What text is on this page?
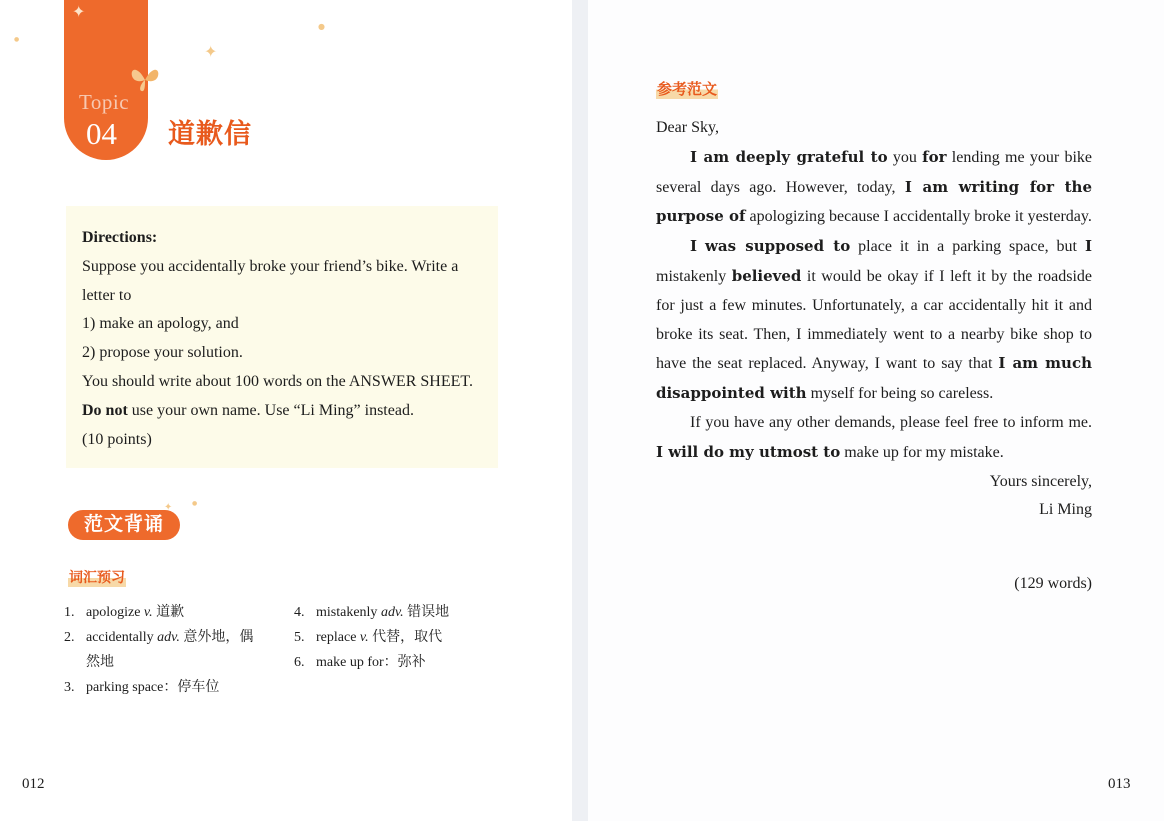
✦
✦
●
●
Topic
04 道歉信
Directions:
Suppose you accidentally broke your friend’s bike. Write a
letter to
1) make an apology, and
2) propose your solution.
You should write about 100 words on the ANSWER SHEET.
Do not use your own name. Use “Li Ming” instead.
(10 points)
范文背诵
✦	●
词汇预习
1. apologize v. 道歉
2. accidentally adv. 意外地，偶
然地
3. parking space：停车位
4. mistakenly adv. 错误地
5. replace v. 代替，取代
6. make up for：弥补
012
参考范文

Dear Sky,

I am deeply grateful to you for lending me your bike several days ago. However, today, I am writing for the purpose of apologizing because I accidentally broke it yesterday.

I was supposed to place it in a parking space, but I mistakenly believed it would be okay if I left it by the roadside for just a few minutes. Unfortunately, a car accidentally hit it and broke its seat. Then, I immediately went to a nearby bike shop to have the seat replaced. Anyway, I want to say that I am much disappointed with myself for being so careless.

If you have any other demands, please feel free to inform me. I will do my utmost to make up for my mistake.

Yours sincerely,

Li Ming

(129 words)
013
